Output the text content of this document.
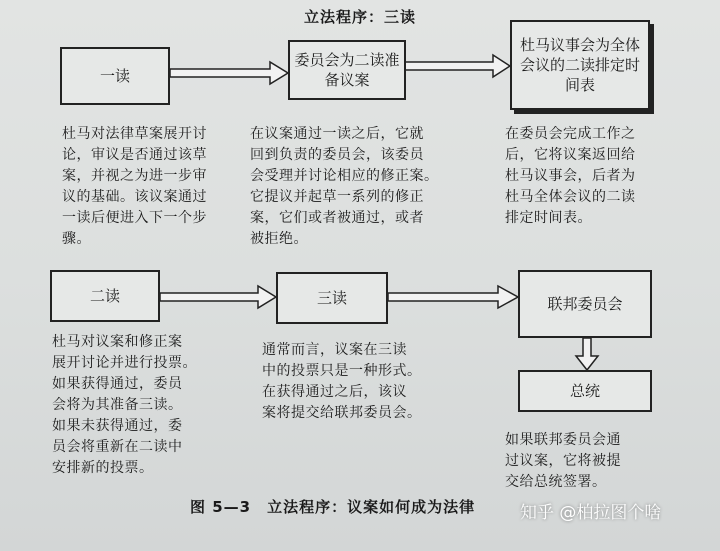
立法程序：三读
一读
委员会为二读准备议案
杜马议事会为全体会议的二读排定时间表
杜马对法律草案展开讨
论，审议是否通过该草
案，并视之为进一步审
议的基础。该议案通过
一读后便进入下一个步
骤。
在议案通过一读之后，它就
回到负责的委员会，该委员
会受理并讨论相应的修正案。
它提议并起草一系列的修正
案，它们或者被通过，或者
被拒绝。
在委员会完成工作之
后，它将议案返回给
杜马议事会，后者为
杜马全体会议的二读
排定时间表。
二读	三读	联邦委员会
总统
杜马对议案和修正案
展开讨论并进行投票。
如果获得通过，委员
会将为其准备三读。
如果未获得通过，委
员会将重新在二读中
安排新的投票。
通常而言，议案在三读
中的投票只是一种形式。
在获得通过之后，该议
案将提交给联邦委员会。
如果联邦委员会通
过议案，它将被提
交给总统签署。
图 5—3　立法程序：议案如何成为法律	知乎 @柏拉图个啥
